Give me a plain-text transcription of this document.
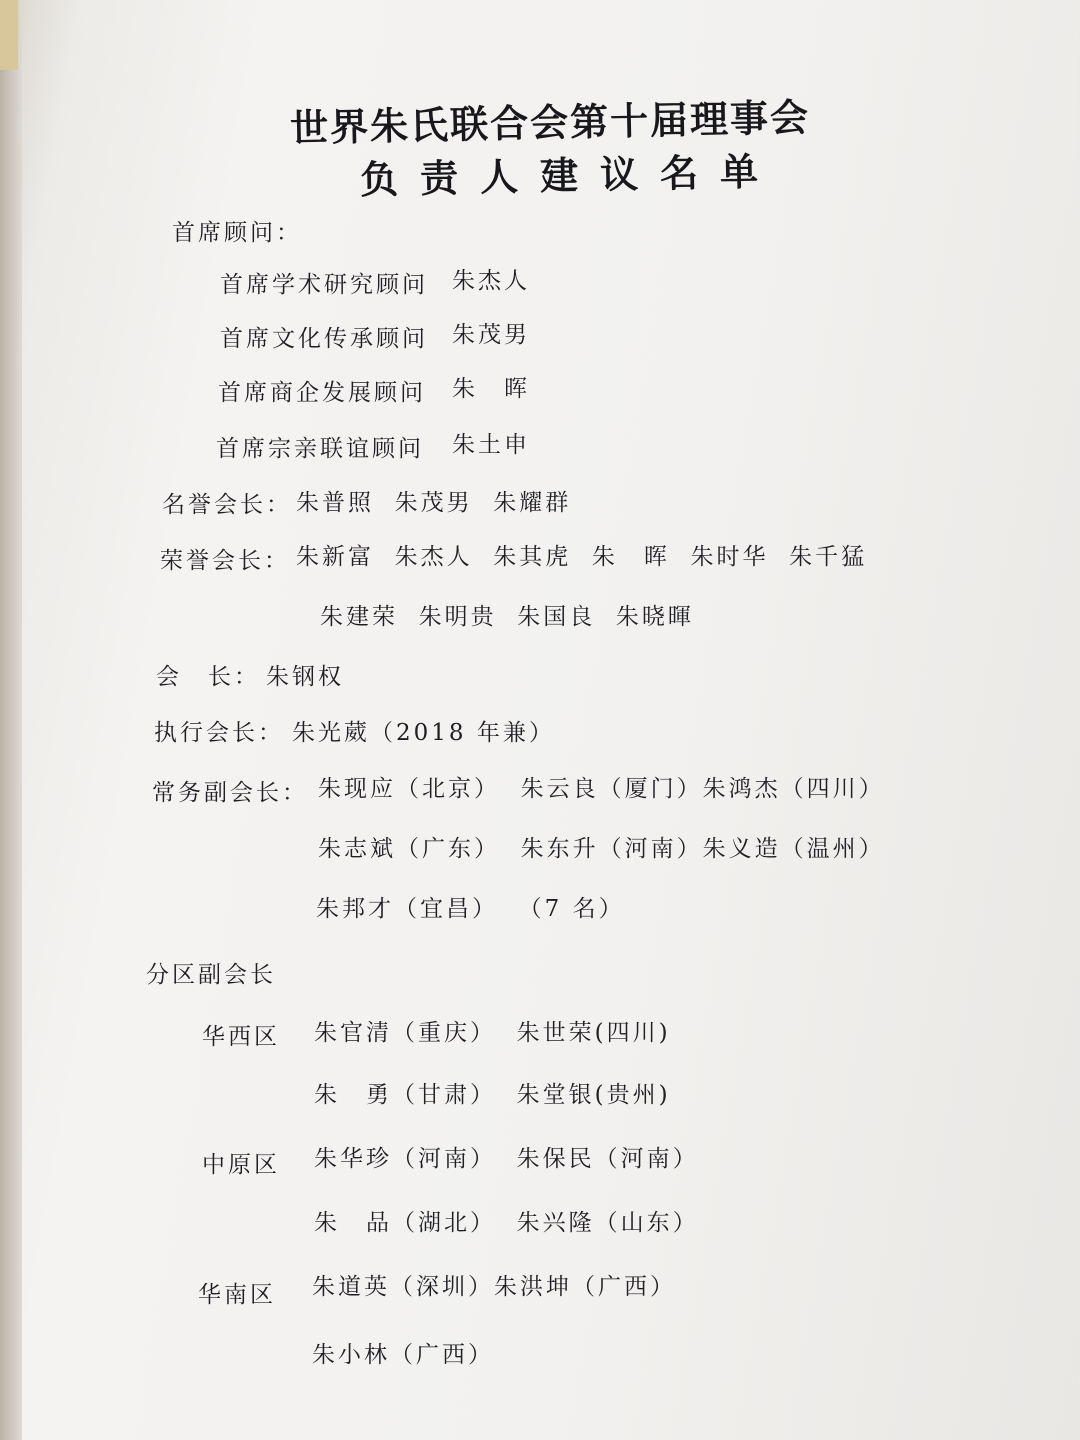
世界朱氏联合会第十届理事会
负责人建议名单
首席顾问：
首席学术研究顾问 朱杰人
首席文化传承顾问 朱茂男
首席商企发展顾问 朱　晖
首席宗亲联谊顾问 朱土申
名誉会长： 朱普照  朱茂男  朱耀群
荣誉会长： 朱新富  朱杰人  朱其虎  朱　晖  朱时华  朱千猛
朱建荣  朱明贵  朱国良  朱晓暉
会　长： 朱钢权
执行会长： 朱光葳（2018 年兼）
常务副会长： 朱现应（北京）  朱云良（厦门）朱鸿杰（四川）
朱志斌（广东）  朱东升（河南）朱义造（温州）
朱邦才（宜昌）  （7 名）
分区副会长
华西区 朱官清（重庆）  朱世荣(四川)
朱　勇（甘肃）  朱堂银(贵州)
中原区 朱华珍（河南）  朱保民（河南）
朱　品（湖北）  朱兴隆（山东）
华南区 朱道英（深圳）朱洪坤（广西）
朱小林（广西）
